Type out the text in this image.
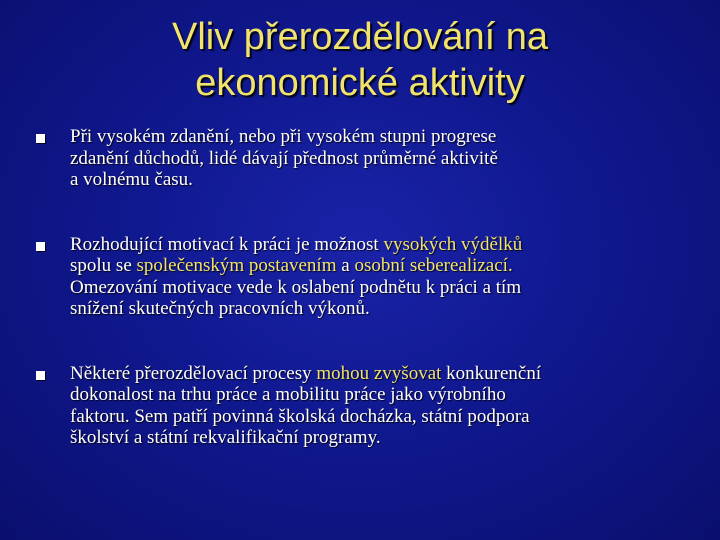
Vliv přerozdělování na
ekonomické aktivity
Při vysokém zdanění, nebo při vysokém stupni progrese
zdanění důchodů, lidé dávají přednost průměrné aktivitě
a volnému času.
Rozhodující motivací k práci je možnost vysokých výdělků
spolu se společenským postavením a osobní seberealizací.
Omezování motivace vede k oslabení podnětu k práci a tím
snížení skutečných pracovních výkonů.
Některé přerozdělovací procesy mohou zvyšovat konkurenční
dokonalost na trhu práce a mobilitu práce jako výrobního
faktoru. Sem patří povinná školská docházka, státní podpora
školství a státní rekvalifikační programy.
